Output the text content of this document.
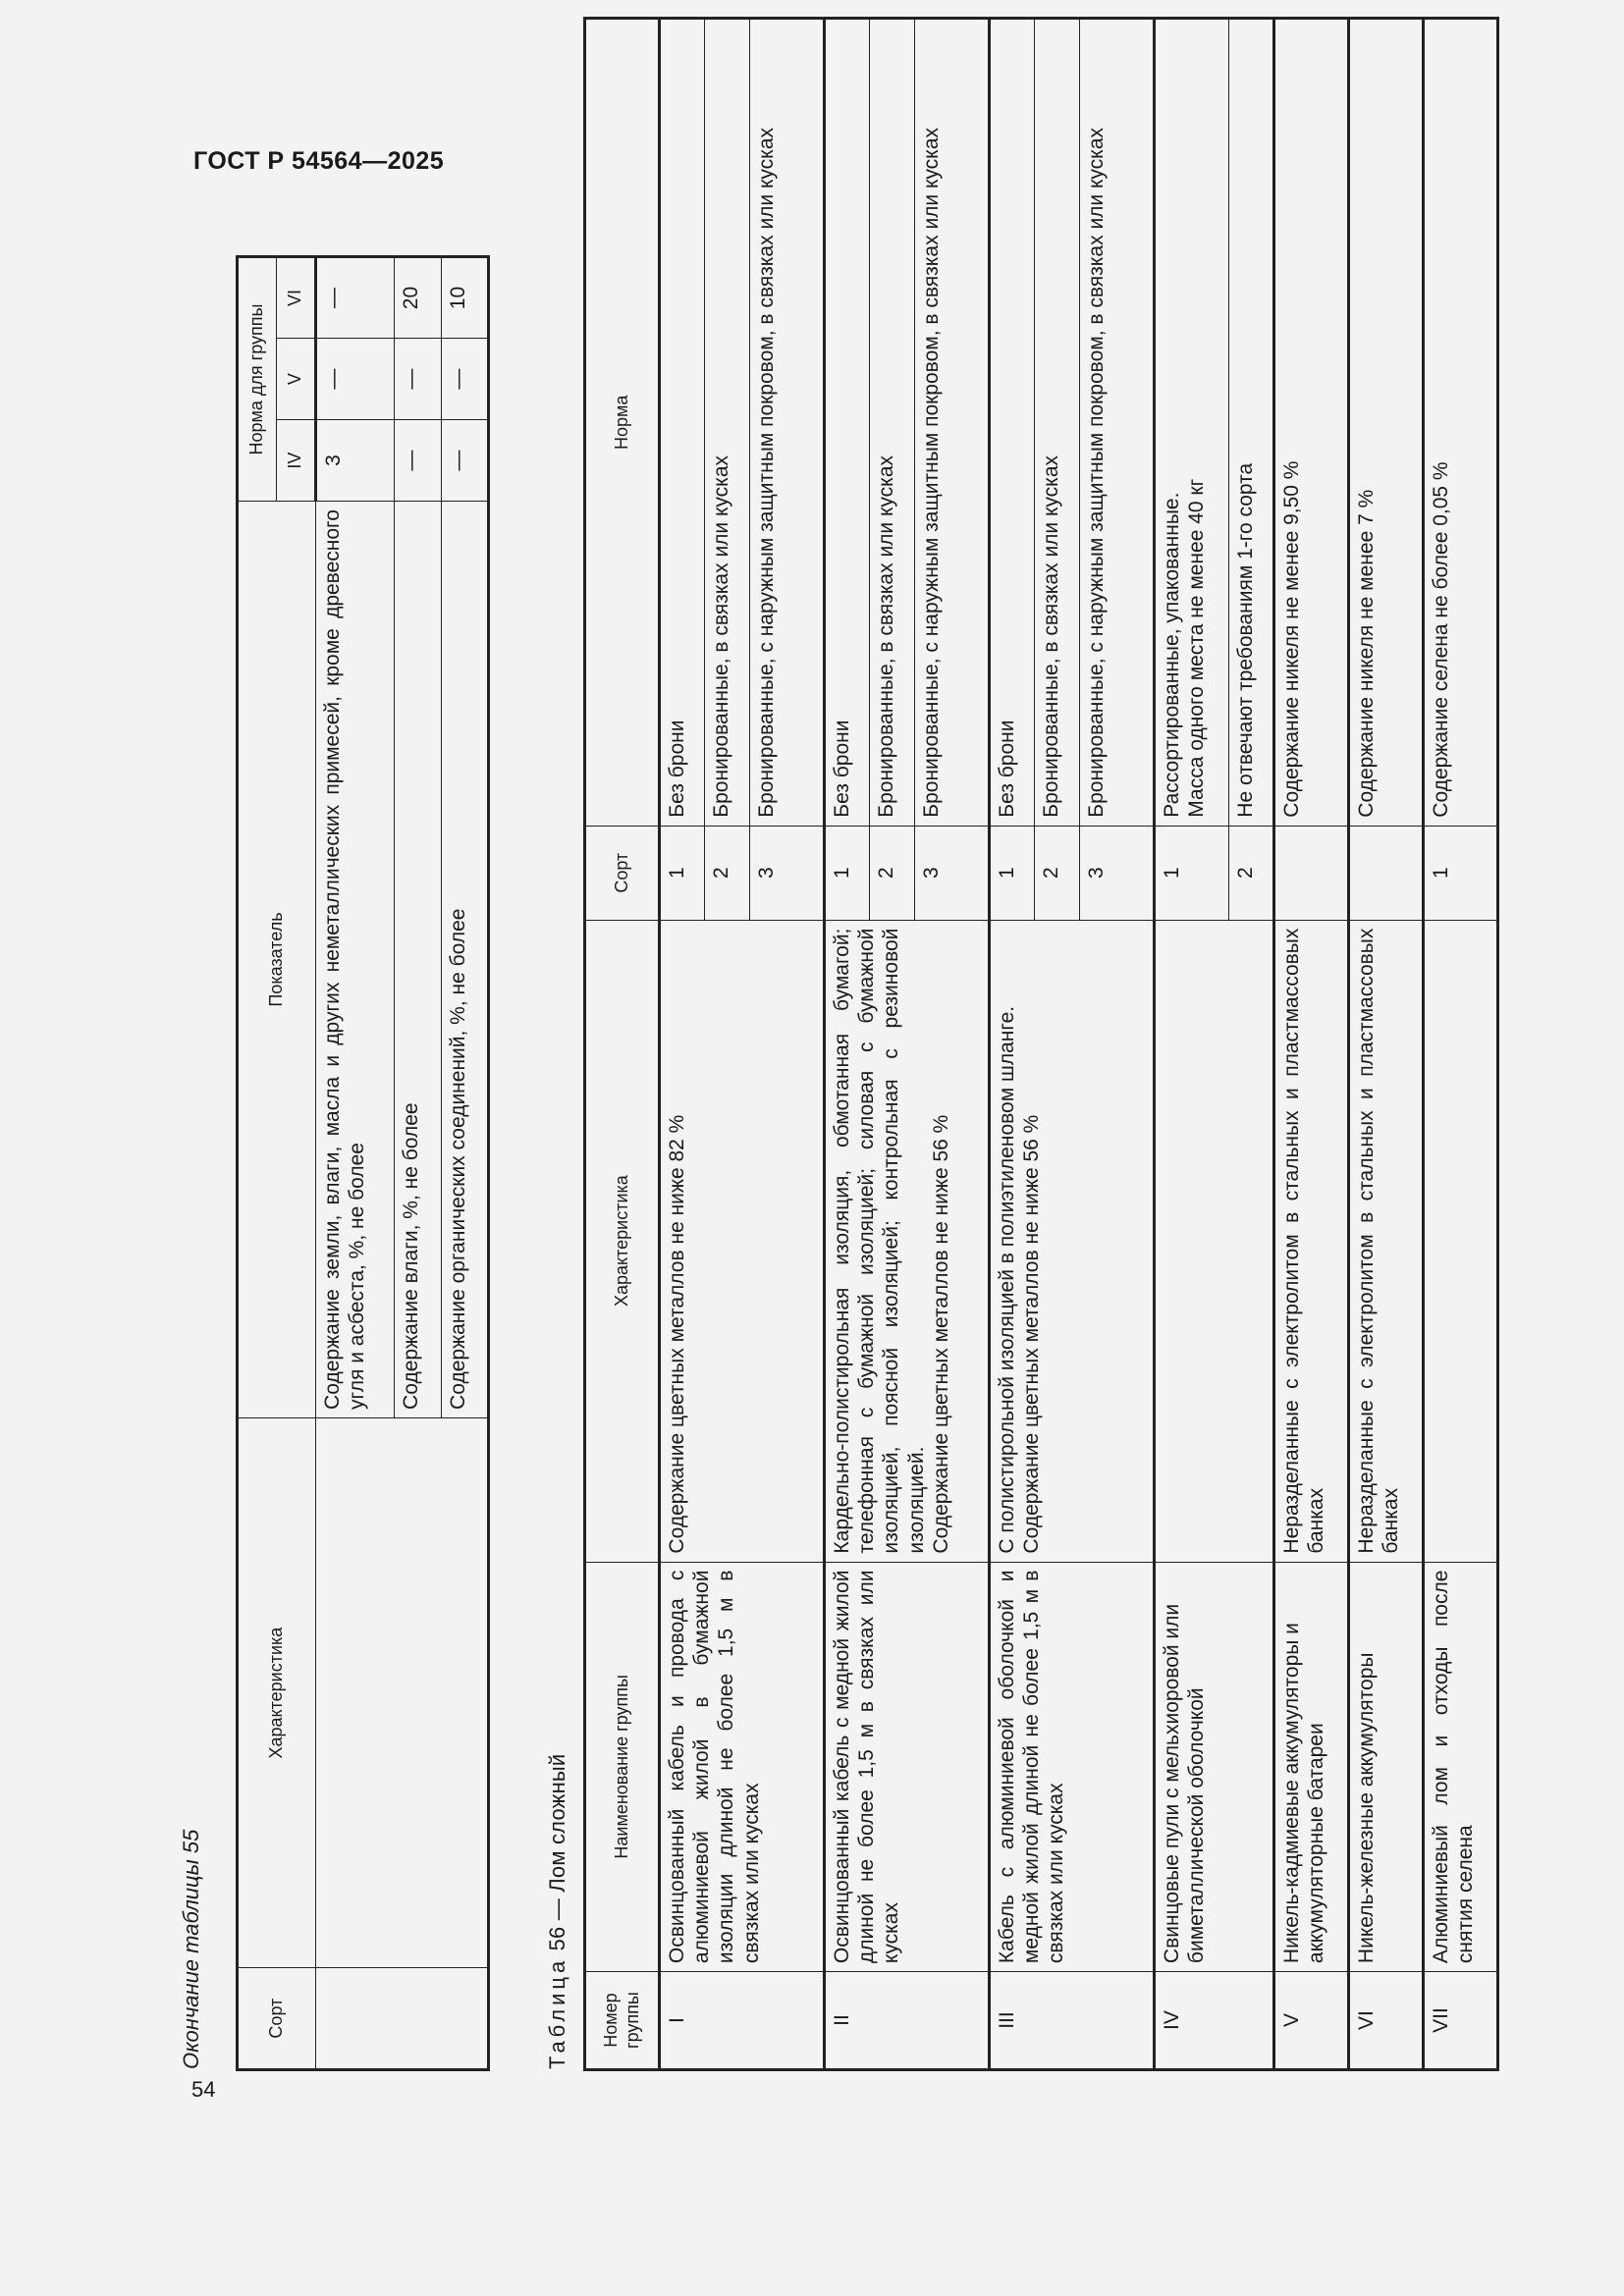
ГОСТ Р 54564—2025
Окончание таблицы 55	Сорт	Характеристика	Показатель	Норма для группы		
			IV	V	VI
		Содержание земли, влаги, масла и других неметаллических примесей, кроме древесного угля и асбеста, %, не более	3	—	—
		Содержание влаги, %, не более	—	—	20
		Содержание органических соединений, %, не более	—	—	10
Таблица 56 — Лом сложный
Номер группы	Наименование группы	Характеристика	Сорт	Норма
I	Освинцованный кабель и провода с алюминиевой жилой в бумажной изоляции длиной не более 1,5 м в связках или кусках	Содержание цветных металлов не ниже 82 %	1	Без брони
			2	Бронированные, в связках или кусках
			3	Бронированные, с наружным защитным покровом, в связках или кусках
II	Освинцованный кабель с медной жилой длиной не более 1,5 м в связках или кусках	Кардельно-полистирольная изоляция, обмотанная бумагой; телефонная с бумажной изоляцией; силовая с бумажной изоляцией, поясной изоляцией; контрольная с резиновой изоляцией. Содержание цветных металлов не ниже 56 %	1	Без брони
			2	Бронированные, в связках или кусках
			3	Бронированные, с наружным защитным покровом, в связках или кусках
III	Кабель с алюминиевой оболочкой и медной жилой длиной не более 1,5 м в связках или кусках	С полистирольной изоляцией в полиэтиленовом шланге. Содержание цветных металлов не ниже 56 %	1	Без брони
			2	Бронированные, в связках или кусках
			3	Бронированные, с наружным защитным покровом, в связках или кусках
IV	Свинцовые пули с мельхиоровой или биметаллической оболочкой		1	Рассортированные, упакованные. Масса одного места не менее 40 кг

			2	Не отвечают требованиям 1-го сорта
V	Никель-кадмиевые аккумуляторы и аккумуляторные батареи	Неразделанные с электролитом в стальных и пластмассовых банках		Содержание никеля не менее 9,50 %
VI	Никель-железные аккумуляторы	Неразделанные с электролитом в стальных и пластмассовых банках		Содержание никеля не менее 7 %
VII	Алюминиевый лом и отходы после снятия селена		1	Содержание селена не более 0,05 %
54
